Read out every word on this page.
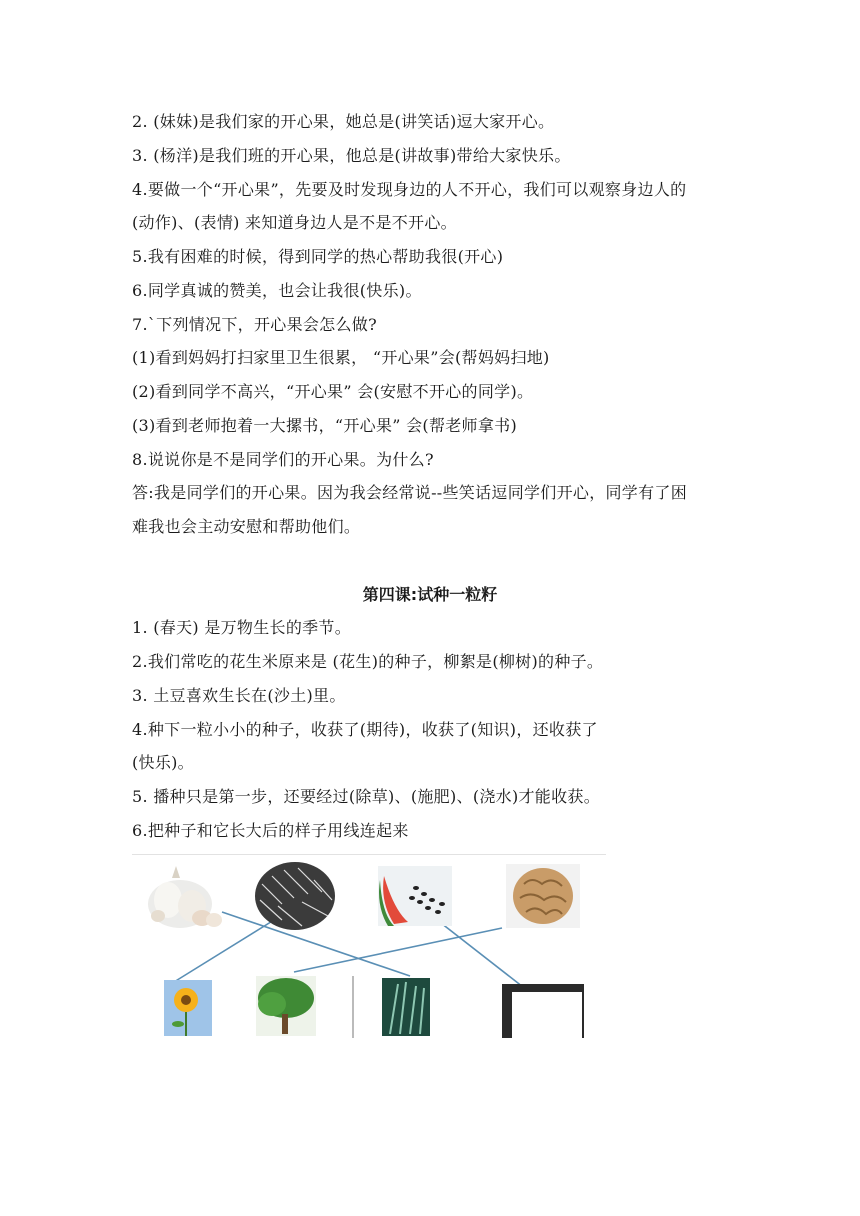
2. (妹妹)是我们家的开心果，她总是(讲笑话)逗大家开心。
3. (杨洋)是我们班的开心果，他总是(讲故事)带给大家快乐。
4.要做一个“开心果”，先要及时发现身边的人不开心，我们可以观察身边人的
(动作)、(表情) 来知道身边人是不是不开心。
5.我有困难的时候，得到同学的热心帮助我很(开心)
6.同学真诚的赞美，也会让我很(快乐)。
7.`下列情况下，开心果会怎么做?
(1)看到妈妈打扫家里卫生很累， “开心果”会(帮妈妈扫地)
(2)看到同学不高兴，“开心果” 会(安慰不开心的同学)。
(3)看到老师抱着一大摞书，“开心果” 会(帮老师拿书)
8.说说你是不是同学们的开心果。为什么?
答:我是同学们的开心果。因为我会经常说--些笑话逗同学们开心，同学有了困
难我也会主动安慰和帮助他们。
第四课:试种一粒籽
1. (春天) 是万物生长的季节。
2.我们常吃的花生米原来是 (花生)的种子，柳絮是(柳树)的种子。
3. 土豆喜欢生长在(沙土)里。
4.种下一粒小小的种子，收获了(期待)，收获了(知识)，还收获了
(快乐)。
5. 播种只是第一步，还要经过(除草)、(施肥)、(浇水)才能收获。
6.把种子和它长大后的样子用线连起来
